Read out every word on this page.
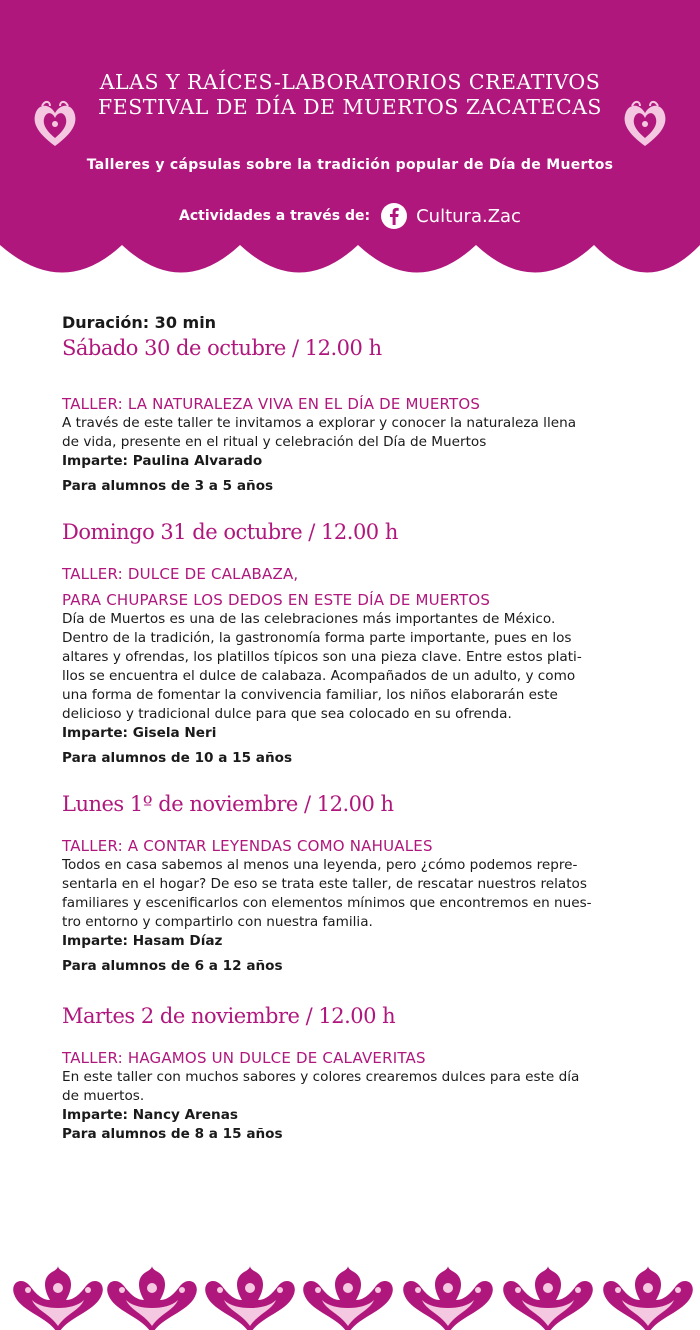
ALAS Y RAÍCES-LABORATORIOS CREATIVOS
FESTIVAL DE DÍA DE MUERTOS ZACATECAS
Talleres y cápsulas sobre la tradición popular de Día de Muertos
Actividades a través de:	Cultura.Zac

Duración: 30 min

Sábado 30 de octubre / 12.00 h

TALLER: LA NATURALEZA VIVA EN EL DÍA DE MUERTOS

A través de este taller te invitamos a explorar y conocer la naturaleza llena

de vida, presente en el ritual y celebración del Día de Muertos

Imparte: Paulina Alvarado

Para alumnos de 3 a 5 años

Domingo 31 de octubre / 12.00 h

TALLER: DULCE DE CALABAZA,

PARA CHUPARSE LOS DEDOS EN ESTE DÍA DE MUERTOS

Día de Muertos es una de las celebraciones más importantes de México.

Dentro de la tradición, la gastronomía forma parte importante, pues en los

altares y ofrendas, los platillos típicos son una pieza clave. Entre estos plati-

llos se encuentra el dulce de calabaza. Acompañados de un adulto, y como

una forma de fomentar la convivencia familiar, los niños elaborarán este

delicioso y tradicional dulce para que sea colocado en su ofrenda.

Imparte: Gisela Neri

Para alumnos de 10 a 15 años

Lunes 1º de noviembre / 12.00 h

TALLER: A CONTAR LEYENDAS COMO NAHUALES

Todos en casa sabemos al menos una leyenda, pero ¿cómo podemos repre-

sentarla en el hogar? De eso se trata este taller, de rescatar nuestros relatos

familiares y escenificarlos con elementos mínimos que encontremos en nues-

tro entorno y compartirlo con nuestra familia.

Imparte: Hasam Díaz

Para alumnos de 6 a 12 años

Martes 2 de noviembre / 12.00 h

TALLER: HAGAMOS UN DULCE DE CALAVERITAS

En este taller con muchos sabores y colores crearemos dulces para este día

de muertos.

Imparte: Nancy Arenas

Para alumnos de 8 a 15 años
